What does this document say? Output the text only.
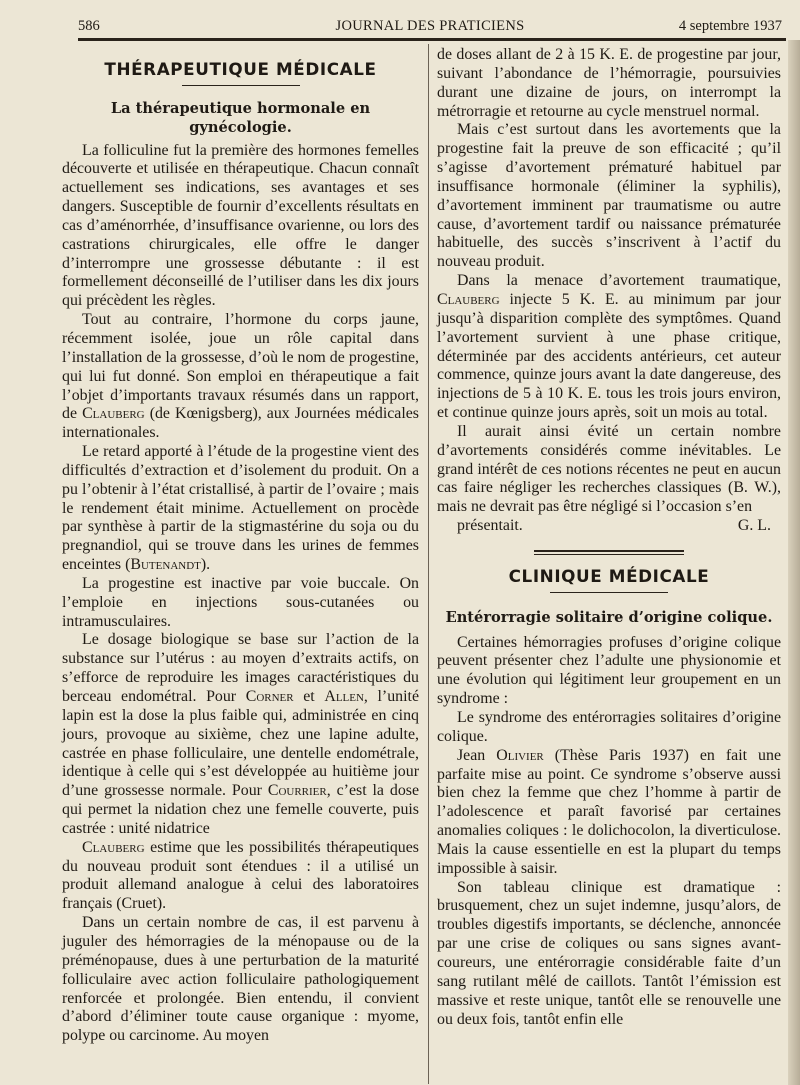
586	JOURNAL DES PRATICIENS	4 septembre 1937
THÉRAPEUTIQUE MÉDICALE
La thérapeutique hormonale en gynécologie.

La folliculine fut la première des hormones femelles découverte et utilisée en thérapeutique. Chacun connaît actuellement ses indications, ses avantages et ses dangers. Susceptible de fournir d’excellents résultats en cas d’aménorrhée, d’insuffisance ovarienne, ou lors des castrations chirurgicales, elle offre le danger d’interrompre une grossesse débutante : il est formellement déconseillé de l’utiliser dans les dix jours qui précèdent les règles.

Tout au contraire, l’hormone du corps jaune, récemment isolée, joue un rôle capital dans l’installation de la grossesse, d’où le nom de progestine, qui lui fut donné. Son emploi en thérapeutique a fait l’objet d’importants travaux résumés dans un rapport, de Clauberg (de Kœnigsberg), aux Journées médicales internationales.

Le retard apporté à l’étude de la progestine vient des difficultés d’extraction et d’isolement du produit. On a pu l’obtenir à l’état cristallisé, à partir de l’ovaire ; mais le rendement était minime. Actuellement on procède par synthèse à partir de la stigmastérine du soja ou du pregnandiol, qui se trouve dans les urines de femmes enceintes (Butenandt).

La progestine est inactive par voie buccale. On l’emploie en injections sous-cutanées ou intramusculaires.

Le dosage biologique se base sur l’action de la substance sur l’utérus : au moyen d’extraits actifs, on s’efforce de reproduire les images caractéristiques du berceau endométral. Pour Corner et Allen, l’unité lapin est la dose la plus faible qui, administrée en cinq jours, provoque au sixième, chez une lapine adulte, castrée en phase folliculaire, une dentelle endométrale, identique à celle qui s’est développée au huitième jour d’une grossesse normale. Pour Courrier, c’est la dose qui permet la nidation chez une femelle couverte, puis castrée : unité nidatrice

Clauberg estime que les possibilités thérapeutiques du nouveau produit sont étendues : il a utilisé un produit allemand analogue à celui des laboratoires français (Cruet).

Dans un certain nombre de cas, il est parvenu à juguler des hémorragies de la ménopause ou de la préménopause, dues à une perturbation de la maturité folliculaire avec action folliculaire pathologiquement renforcée et prolongée. Bien entendu, il convient d’abord d’éliminer toute cause organique : myome, polype ou carcinome. Au moyen

de doses allant de 2 à 15 K. E. de progestine par jour, suivant l’abondance de l’hémorragie, poursuivies durant une dizaine de jours, on interrompt la métrorragie et retourne au cycle menstruel normal.

Mais c’est surtout dans les avortements que la progestine fait la preuve de son efficacité ; qu’il s’agisse d’avortement prématuré habituel par insuffisance hormonale (éliminer la syphilis), d’avortement imminent par traumatisme ou autre cause, d’avortement tardif ou naissance prématurée habituelle, des succès s’inscrivent à l’actif du nouveau produit.

Dans la menace d’avortement traumatique, Clauberg injecte 5 K. E. au minimum par jour jusqu’à disparition complète des symptômes. Quand l’avortement survient à une phase critique, déterminée par des accidents antérieurs, cet auteur commence, quinze jours avant la date dangereuse, des injections de 5 à 10 K. E. tous les trois jours environ, et continue quinze jours après, soit un mois au total.

Il aurait ainsi évité un certain nombre d’avortements considérés comme inévitables. Le grand intérêt de ces notions récentes ne peut en aucun cas faire négliger les recherches classiques (B. W.), mais ne devrait pas être négligé si l’occasion s’en

présentait.	G. L.

CLINIQUE MÉDICALE
Entérorragie solitaire d’origine colique.

Certaines hémorragies profuses d’origine colique peuvent présenter chez l’adulte une physionomie et une évolution qui légitiment leur groupement en un syndrome :

Le syndrome des entérorragies solitaires d’origine colique.

Jean Olivier (Thèse Paris 1937) en fait une parfaite mise au point. Ce syndrome s’observe aussi bien chez la femme que chez l’homme à partir de l’adolescence et paraît favorisé par certaines anomalies coliques : le dolichocolon, la diverticulose. Mais la cause essentielle en est la plupart du temps impossible à saisir.

Son tableau clinique est dramatique : brusquement, chez un sujet indemne, jusqu’alors, de troubles digestifs importants, se déclenche, annoncée par une crise de coliques ou sans signes avant-coureurs, une entérorragie considérable faite d’un sang rutilant mêlé de caillots. Tantôt l’émission est massive et reste unique, tantôt elle se renouvelle une ou deux fois, tantôt enfin elle
